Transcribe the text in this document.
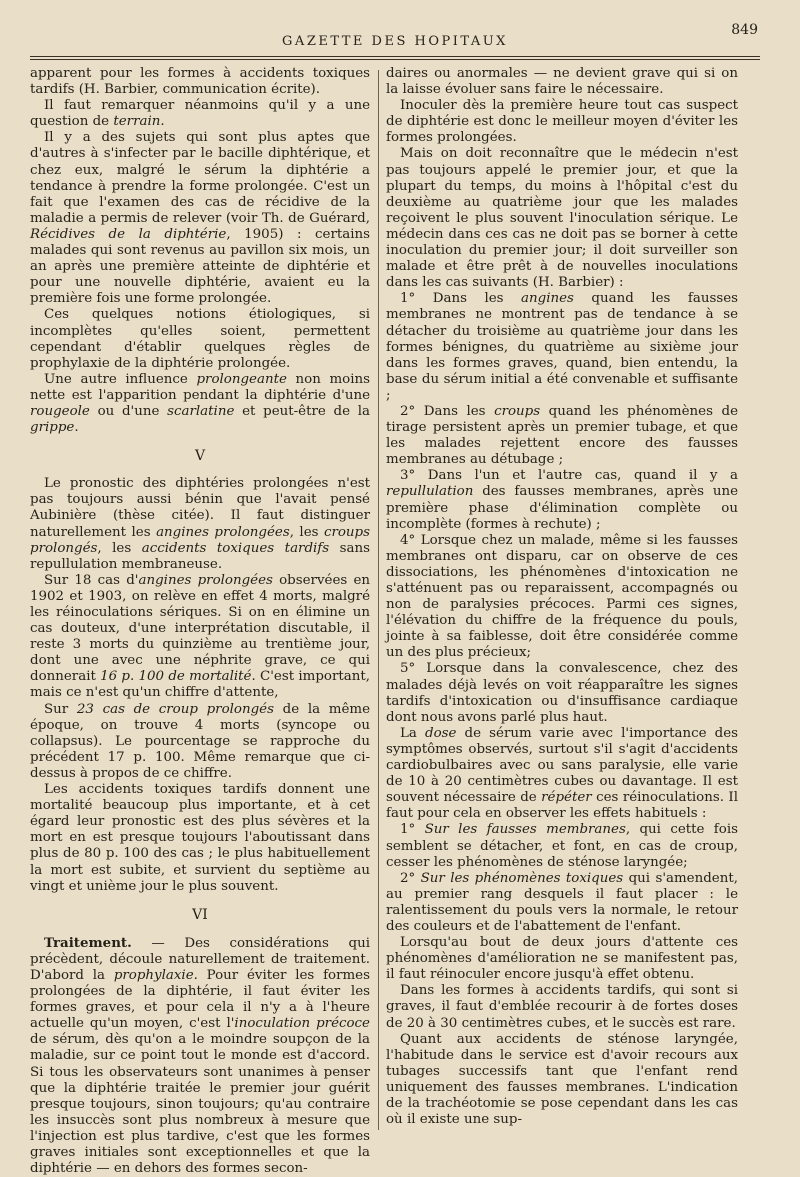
GAZETTE DES HOPITAUX
849

apparent pour les formes à accidents toxiques tardifs (H. Barbier, communication écrite).

Il faut remarquer néanmoins qu'il y a une question de terrain.

Il y a des sujets qui sont plus aptes que d'autres à s'infecter par le bacille diphtérique, et chez eux, malgré le sérum la diphtérie a tendance à prendre la forme prolongée. C'est un fait que l'examen des cas de récidive de la maladie a permis de relever (voir Th. de Guérard, Récidives de la diphtérie, 1905) : certains malades qui sont revenus au pavillon six mois, un an après une première atteinte de diphtérie et pour une nouvelle diphtérie, avaient eu la première fois une forme prolongée.

Ces quelques notions étiologiques, si incomplètes qu'elles soient, permettent cependant d'établir quelques règles de prophylaxie de la diphtérie prolongée.

Une autre influence prolongeante non moins nette est l'apparition pendant la diphtérie d'une rougeole ou d'une scarlatine et peut-être de la grippe.

V

Le pronostic des diphtéries prolongées n'est pas toujours aussi bénin que l'avait pensé Aubinière (thèse citée). Il faut distinguer naturellement les angines prolongées, les croups prolongés, les accidents toxiques tardifs sans repullulation membraneuse.

Sur 18 cas d'angines prolongées observées en 1902 et 1903, on relève en effet 4 morts, malgré les réinoculations sériques. Si on en élimine un cas douteux, d'une interprétation discutable, il reste 3 morts du quinzième au trentième jour, dont une avec une néphrite grave, ce qui donnerait 16 p. 100 de mortalité. C'est important, mais ce n'est qu'un chiffre d'attente,

Sur 23 cas de croup prolongés de la même époque, on trouve 4 morts (syncope ou collapsus). Le pourcentage se rapproche du précédent 17 p. 100. Même remarque que ci-dessus à propos de ce chiffre.

Les accidents toxiques tardifs donnent une mortalité beaucoup plus importante, et à cet égard leur pronostic est des plus sévères et la mort en est presque toujours l'aboutissant dans plus de 80 p. 100 des cas ; le plus habituellement la mort est subite, et survient du septième au vingt et unième jour le plus souvent.

VI

Traitement. — Des considérations qui précèdent, découle naturellement de traitement. D'abord la prophylaxie. Pour éviter les formes prolongées de la diphtérie, il faut éviter les formes graves, et pour cela il n'y a à l'heure actuelle qu'un moyen, c'est l'inoculation précoce de sérum, dès qu'on a le moindre soupçon de la maladie, sur ce point tout le monde est d'accord. Si tous les observateurs sont unanimes à penser que la diphtérie traitée le premier jour guérit presque toujours, sinon toujours; qu'au contraire les insuccès sont plus nombreux à mesure que l'injection est plus tardive, c'est que les formes graves initiales sont exceptionnelles et que la diphtérie — en dehors des formes secon-

daires ou anormales — ne devient grave qui si on la laisse évoluer sans faire le nécessaire.

Inoculer dès la première heure tout cas suspect de diphtérie est donc le meilleur moyen d'éviter les formes prolongées.

Mais on doit reconnaître que le médecin n'est pas toujours appelé le premier jour, et que la plupart du temps, du moins à l'hôpital c'est du deuxième au quatrième jour que les malades reçoivent le plus souvent l'inoculation sérique. Le médecin dans ces cas ne doit pas se borner à cette inoculation du premier jour; il doit surveiller son malade et être prêt à de nouvelles inoculations dans les cas suivants (H. Barbier) :

1° Dans les angines quand les fausses membranes ne montrent pas de tendance à se détacher du troisième au quatrième jour dans les formes bénignes, du quatrième au sixième jour dans les formes graves, quand, bien entendu, la base du sérum initial a été convenable et suffisante ;

2° Dans les croups quand les phénomènes de tirage persistent après un premier tubage, et que les malades rejettent encore des fausses membranes au détubage ;

3° Dans l'un et l'autre cas, quand il y a repullulation des fausses membranes, après une première phase d'élimination complète ou incomplète (formes à rechute) ;

4° Lorsque chez un malade, même si les fausses membranes ont disparu, car on observe de ces dissociations, les phénomènes d'intoxication ne s'atténuent pas ou reparaissent, accompagnés ou non de paralysies précoces. Parmi ces signes, l'élévation du chiffre de la fréquence du pouls, jointe à sa faiblesse, doit être considérée comme un des plus précieux;

5° Lorsque dans la convalescence, chez des malades déjà levés on voit réapparaître les signes tardifs d'intoxication ou d'insuffisance cardiaque dont nous avons parlé plus haut.

La dose de sérum varie avec l'importance des symptômes observés, surtout s'il s'agit d'accidents cardiobulbaires avec ou sans paralysie, elle varie de 10 à 20 centimètres cubes ou davantage. Il est souvent nécessaire de répéter ces réinoculations. Il faut pour cela en observer les effets habituels :

1° Sur les fausses membranes, qui cette fois semblent se détacher, et font, en cas de croup, cesser les phénomènes de sténose laryngée;

2° Sur les phénomènes toxiques qui s'amendent, au premier rang desquels il faut placer : le ralentissement du pouls vers la normale, le retour des couleurs et de l'abattement de l'enfant.

Lorsqu'au bout de deux jours d'attente ces phénomènes d'amélioration ne se manifestent pas, il faut réinoculer encore jusqu'à effet obtenu.

Dans les formes à accidents tardifs, qui sont si graves, il faut d'emblée recourir à de fortes doses de 20 à 30 centimètres cubes, et le succès est rare.

Quant aux accidents de sténose laryngée, l'habitude dans le service est d'avoir recours aux tubages successifs tant que l'enfant rend uniquement des fausses membranes. L'indication de la trachéotomie se pose cependant dans les cas où il existe une sup-
